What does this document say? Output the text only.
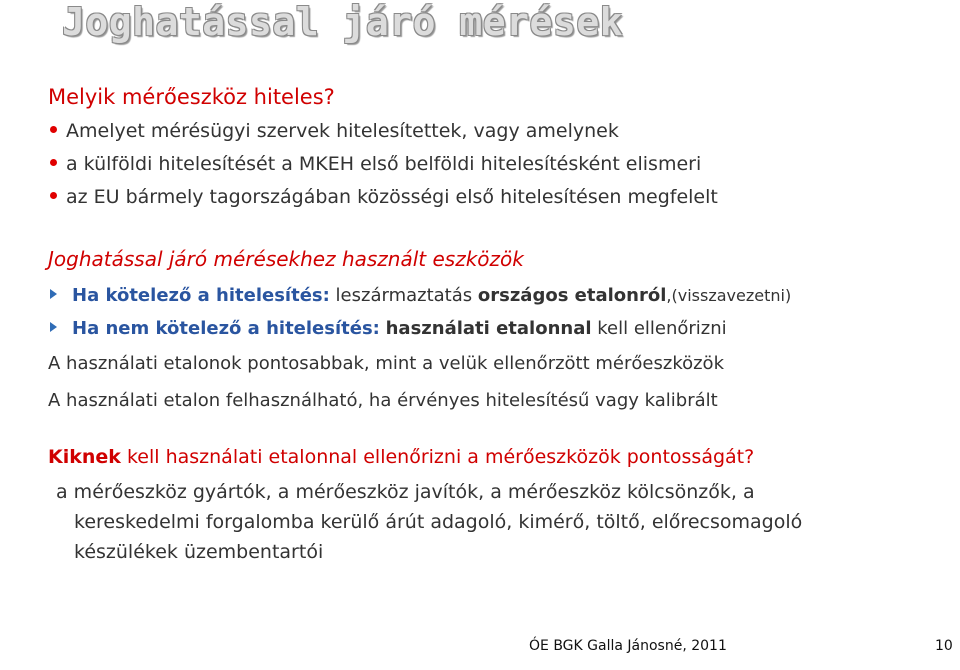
Joghatással járó mérések
Melyik mérőeszköz hiteles?
Amelyet mérésügyi szervek hitelesítettek, vagy amelynek
a külföldi hitelesítését a MKEH első belföldi hitelesítésként elismeri
az EU bármely tagországában közösségi első hitelesítésen megfelelt
Joghatással járó mérésekhez használt eszközök
Ha kötelező a hitelesítés: leszármaztatás országos etalonról,(visszavezetni)
Ha nem kötelező a hitelesítés: használati etalonnal kell ellenőrizni
A használati etalonok pontosabbak, mint a velük ellenőrzött mérőeszközök
A használati etalon felhasználható, ha érvényes hitelesítésű vagy kalibrált
Kiknek kell használati etalonnal ellenőrizni a mérőeszközök pontosságát?
a mérőeszköz gyártók, a mérőeszköz javítók, a mérőeszköz kölcsönzők, a
kereskedelmi forgalomba kerülő árút adagoló, kimérő, töltő, előrecsomagoló
készülékek üzembentartói
ÓE BGK Galla Jánosné, 2011	10
